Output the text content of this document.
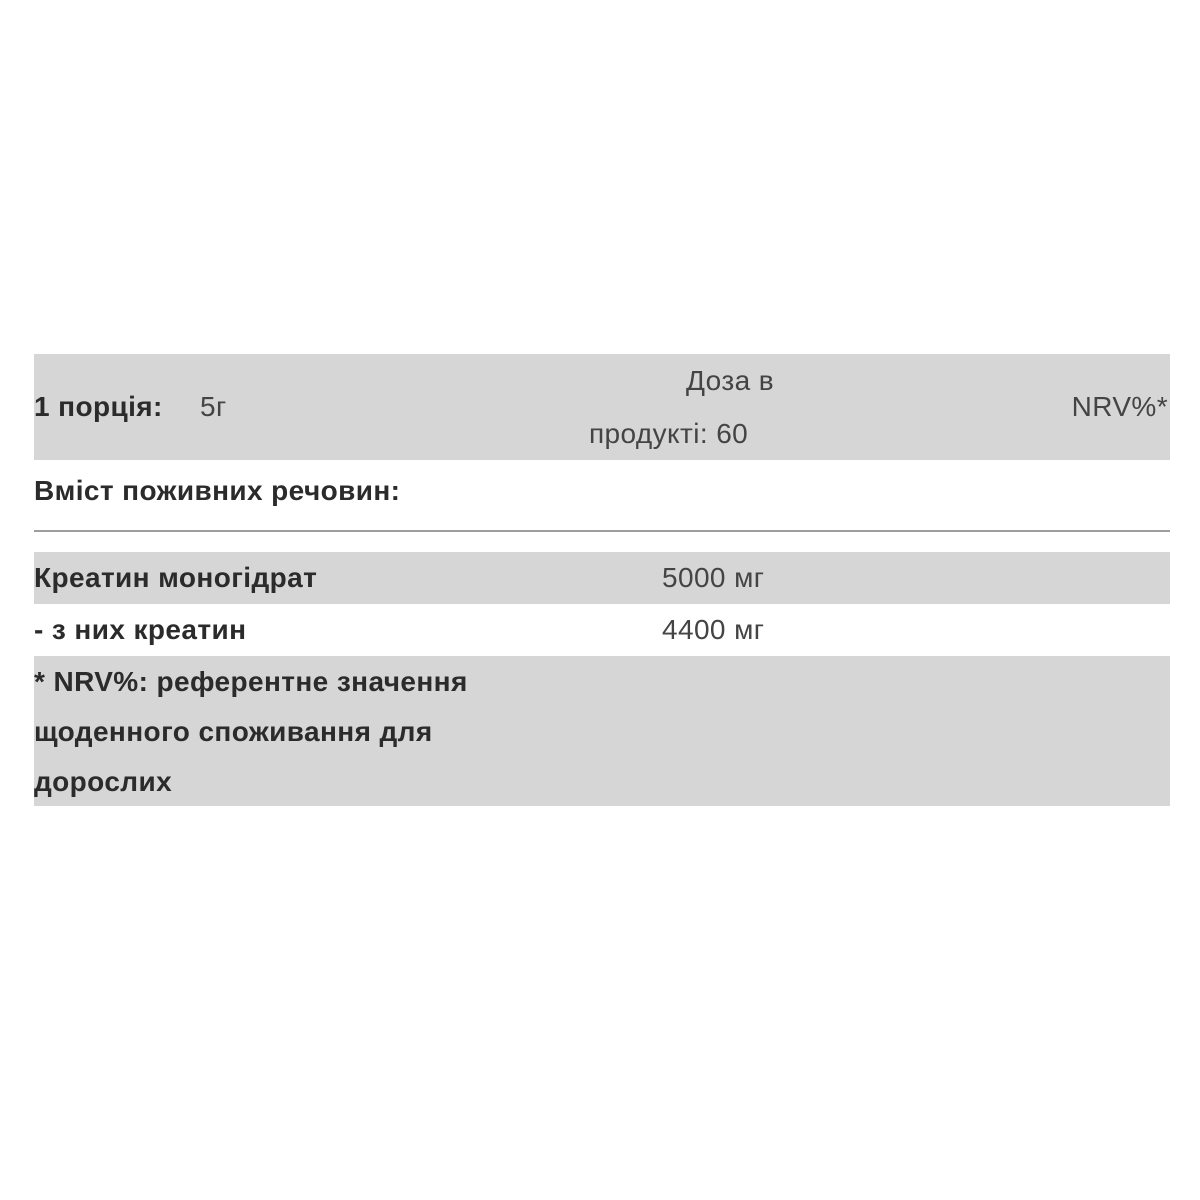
1 порція: 5г
Доза в
продукті: 60
NRV%*
Вміст поживних речовин:
Креатин моногідрат	5000 мг
- з них креатин	4400 мг
* NRV%: референтне значення
щоденного споживання для
дорослих
